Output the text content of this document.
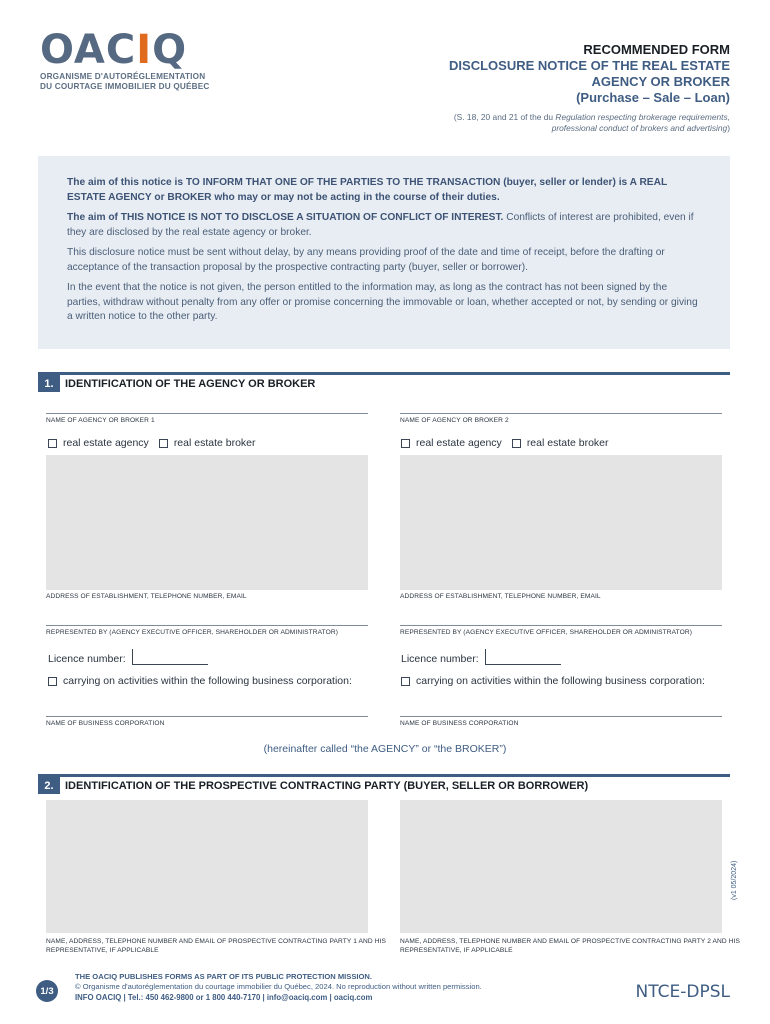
OACIQ
ORGANISME D'AUTORÉGLEMENTATION
DU COURTAGE IMMOBILIER DU QUÉBEC
RECOMMENDED FORM
DISCLOSURE NOTICE OF THE REAL ESTATE
AGENCY OR BROKER
(Purchase – Sale – Loan)
(S. 18, 20 and 21 of the du Regulation respecting brokerage requirements,
professional conduct of brokers and advertising)

The aim of this notice is TO INFORM THAT ONE OF THE PARTIES TO THE TRANSACTION (buyer, seller or lender) is A REAL ESTATE AGENCY or BROKER who may or may not be acting in the course of their duties.

The aim of THIS NOTICE IS NOT TO DISCLOSE A SITUATION OF CONFLICT OF INTEREST. Conflicts of interest are prohibited, even if they are disclosed by the real estate agency or broker.

This disclosure notice must be sent without delay, by any means providing proof of the date and time of receipt, before the drafting or acceptance of the transaction proposal by the prospective contracting party (buyer, seller or borrower).

In the event that the notice is not given, the person entitled to the information may, as long as the contract has not been signed by the parties, withdraw without penalty from any offer or promise concerning the immovable or loan, whether accepted or not, by sending or giving a written notice to the other party.

1.	IDENTIFICATION OF THE AGENCY OR BROKER
NAME OF AGENCY OR BROKER 1	NAME OF AGENCY OR BROKER 2
real estate agency real estate broker	real estate agency real estate broker
ADDRESS OF ESTABLISHMENT, TELEPHONE NUMBER, EMAIL	ADDRESS OF ESTABLISHMENT, TELEPHONE NUMBER, EMAIL
REPRESENTED BY (AGENCY EXECUTIVE OFFICER, SHAREHOLDER OR ADMINISTRATOR)	REPRESENTED BY (AGENCY EXECUTIVE OFFICER, SHAREHOLDER OR ADMINISTRATOR)
Licence number:	Licence number:
carrying on activities within the following business corporation:	carrying on activities within the following business corporation:
NAME OF BUSINESS CORPORATION	NAME OF BUSINESS CORPORATION
(hereinafter called “the AGENCY” or “the BROKER”)
2.	IDENTIFICATION OF THE PROSPECTIVE CONTRACTING PARTY (BUYER, SELLER OR BORROWER)
NAME, ADDRESS, TELEPHONE NUMBER AND EMAIL OF PROSPECTIVE CONTRACTING PARTY 1 AND HIS
REPRESENTATIVE, IF APPLICABLE
NAME, ADDRESS, TELEPHONE NUMBER AND EMAIL OF PROSPECTIVE CONTRACTING PARTY 2 AND HIS
REPRESENTATIVE, IF APPLICABLE
(v1 05/2024)
1/3
THE OACIQ PUBLISHES FORMS AS PART OF ITS PUBLIC PROTECTION MISSION.
© Organisme d'autoréglementation du courtage immobilier du Québec, 2024. No reproduction without written permission.
INFO OACIQ | Tel.: 450 462-9800 or 1 800 440-7170 | info@oaciq.com | oaciq.com	NTCE-DPSL
